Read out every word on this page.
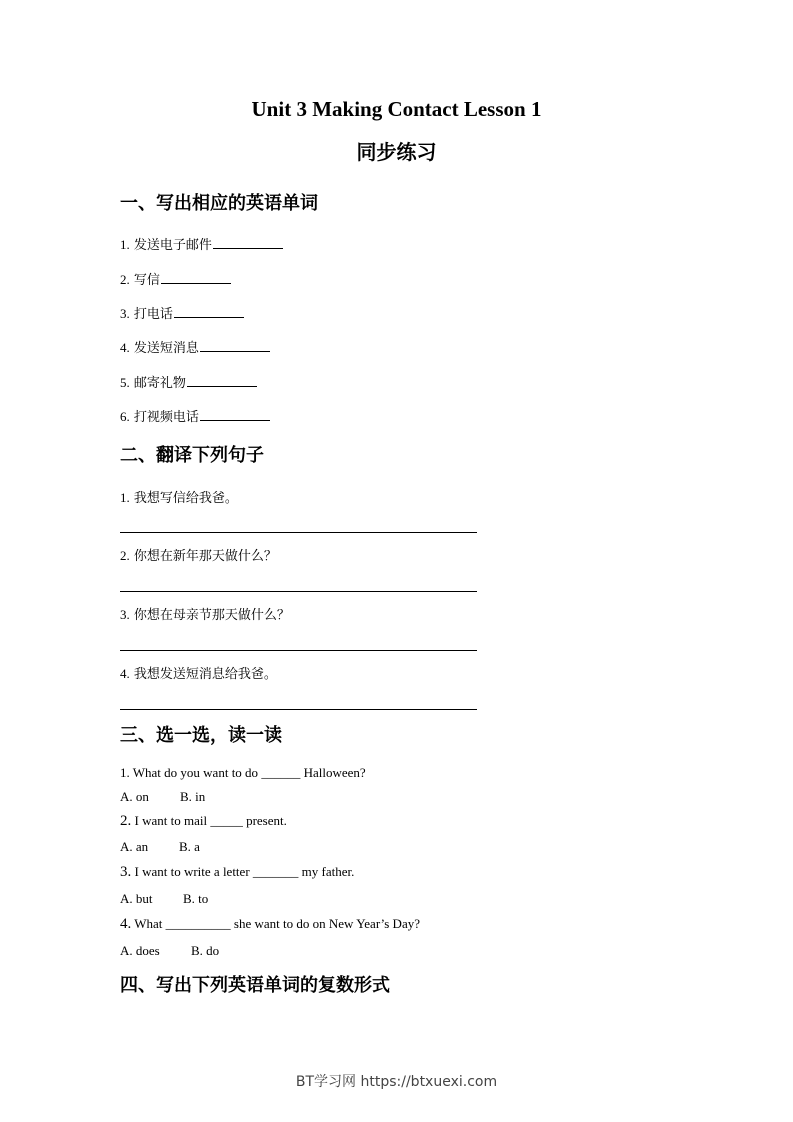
Unit 3 Making Contact Lesson 1
同步练习
一、写出相应的英语单词
1. 发送电子邮件
2. 写信
3. 打电话
4. 发送短消息
5. 邮寄礼物
6. 打视频电话
二、翻译下列句子
1. 我想写信给我爸。
2. 你想在新年那天做什么？
3. 你想在母亲节那天做什么？
4. 我想发送短消息给我爸。
三、选一选，读一读
1. What do you want to do ______ Halloween?
A. on B. in
2. I want to mail _____ present.
A. an B. a
3. I want to write a letter _______ my father.
A. but B. to
4. What __________ she want to do on New Year’s Day?
A. does B. do
四、写出下列英语单词的复数形式
BT学习网 https://btxuexi.com
